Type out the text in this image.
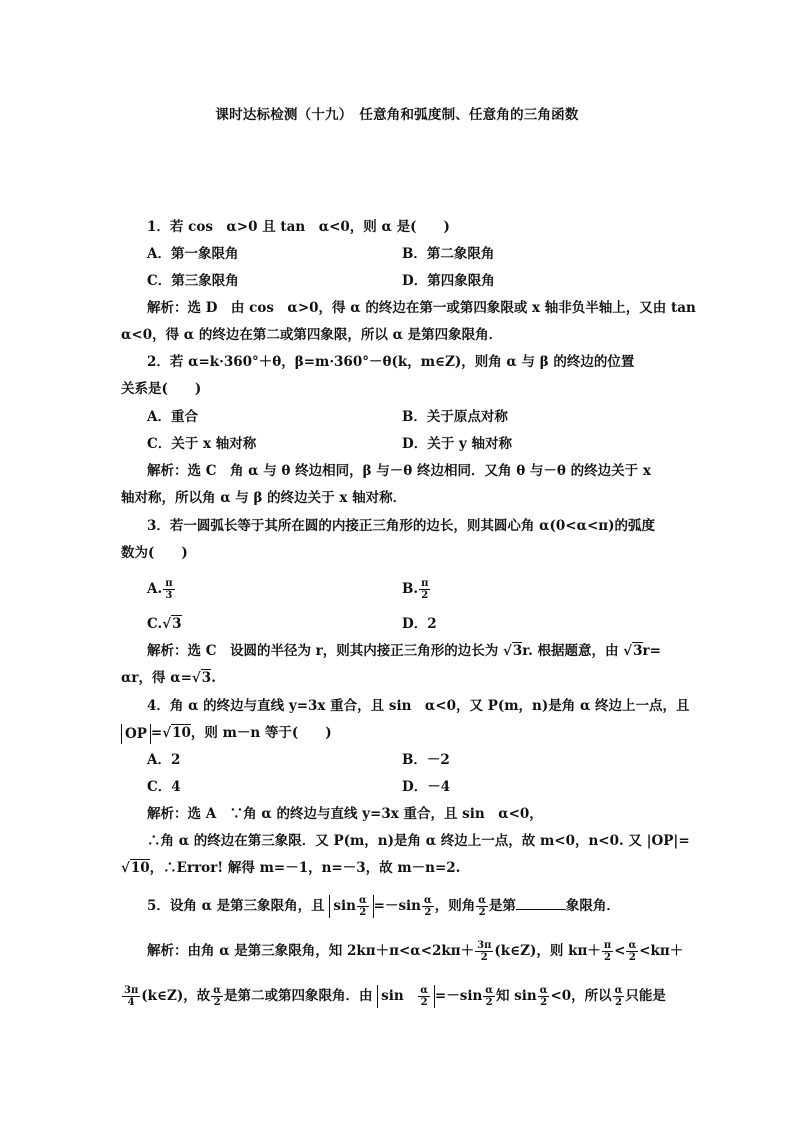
课时达标检测（十九）　任意角和弧度制、任意角的三角函数
1．若 cos　α>0 且 tan　α<0，则 α 是(　　)
A．第一象限角	B．第二象限角
C．第三象限角	D．第四象限角
解析：选 D　由 cos　α>0，得 α 的终边在第一或第四象限或 x 轴非负半轴上，又由 tan
α<0，得 α 的终边在第二或第四象限，所以 α 是第四象限角．
2．若 α=k·360°＋θ，β=m·360°－θ(k，m∈Z)，则角 α 与 β 的终边的位置
关系是(　　)
A．重合	B．关于原点对称
C．关于 x 轴对称	D．关于 y 轴对称
解析：选 C　角 α 与 θ 终边相同，β 与－θ 终边相同．又角 θ 与－θ 的终边关于 x
轴对称，所以角 α 与 β 的终边关于 x 轴对称．
3．若一圆弧长等于其所在圆的内接正三角形的边长，则其圆心角 α(0<α<π)的弧度
数为(　　)
A. $\frac{\pi}{3}$	B. $\frac{\pi}{2}$
C.√3	D．2
解析：选 C　设圆的半径为 r，则其内接正三角形的边长为 √3r. 根据题意，由 √3r=
αr，得 α=√3.
4．角 α 的终边与直线 y=3x 重合，且 sin　α<0，又 P(m，n)是角 α 终边上一点，且
OP =√10，则 m－n 等于(　　)
A．2	B．－2
C．4	D．－4
解析：选 A　∵角 α 的终边与直线 y=3x 重合，且 sin　α<0，
∴角 α 的终边在第三象限．又 P(m，n)是角 α 终边上一点，故 m<0，n<0. 又 |OP|=
√10，∴Error! 解得 m=－1，n=－3，故 m－n=2.
5．设角 α 是第三象限角，且 $\sin \frac{\alpha}{2} =-\sin \frac{\alpha}{2}$ ，则角 $\frac{\alpha}{2}$ 是第	象限角．
解析：由角 α 是第三象限角，知 $2k\pi+\pi<\alpha<2k\pi+ \frac{3\pi}{2}$ (k∈Z)，则 $k\pi+ \frac{\pi}{2} < \frac{\alpha}{2} <k\pi+$
$\frac{3\pi}{4}$ (k∈Z)，故 $\frac{\alpha}{2}$ 是第二或第四象限角．由 sin　 $\frac{\alpha}{2} =-\sin \frac{\alpha}{2}$ 知 $\sin \frac{\alpha}{2} <0$，所以 $\frac{\alpha}{2}$ 只能是
